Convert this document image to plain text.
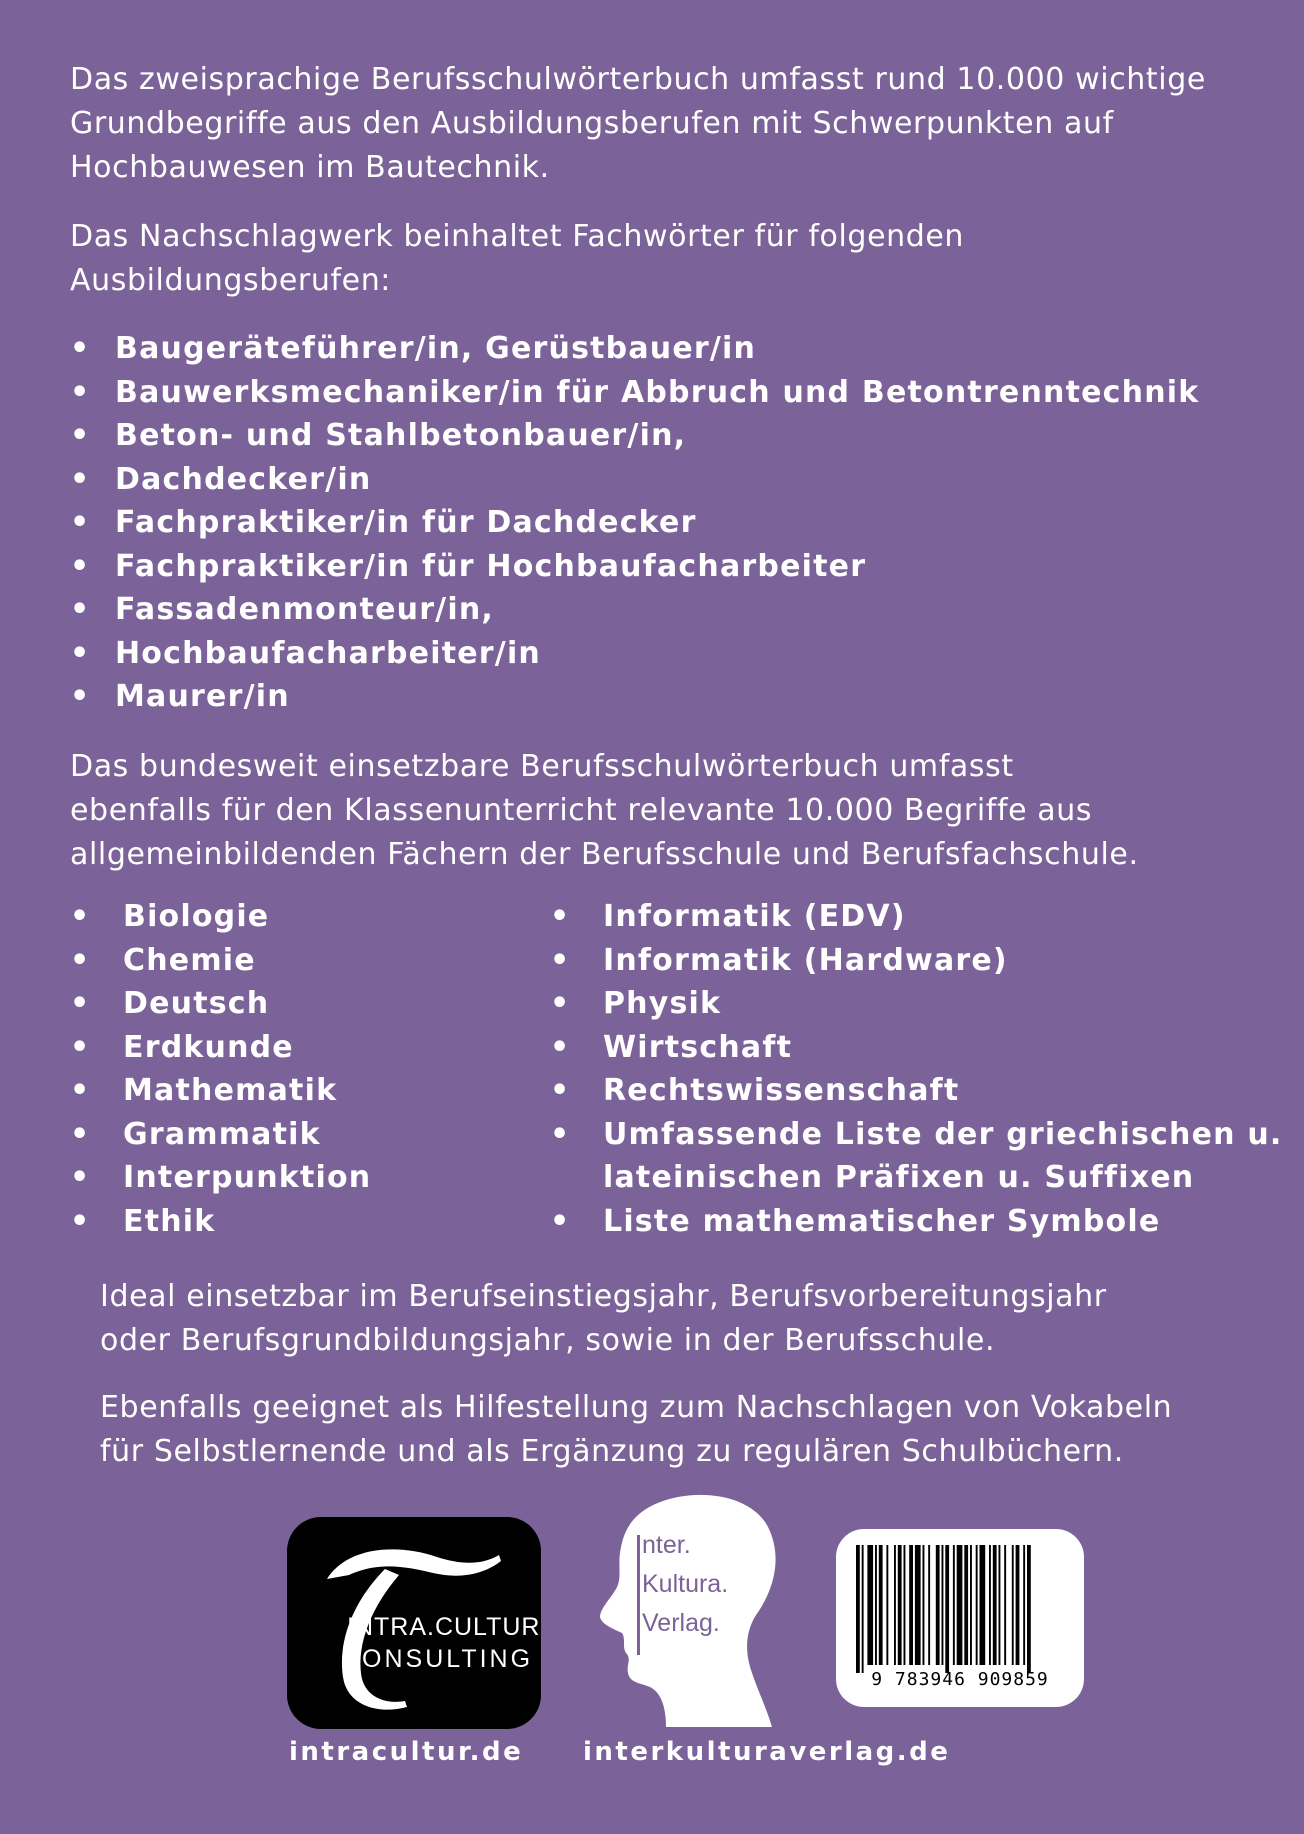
Das zweisprachige Berufsschulwörterbuch umfasst rund 10.000 wichtige
Grundbegriffe aus den Ausbildungsberufen mit Schwerpunkten auf
Hochbauwesen im Bautechnik.
Das Nachschlagwerk beinhaltet Fachwörter für folgenden
Ausbildungsberufen:
• Baugeräteführer/in, Gerüstbauer/in
• Bauwerksmechaniker/in für Abbruch und Betontrenntechnik
• Beton- und Stahlbetonbauer/in,
• Dachdecker/in
• Fachpraktiker/in für Dachdecker
• Fachpraktiker/in für Hochbaufacharbeiter
• Fassadenmonteur/in,
• Hochbaufacharbeiter/in
• Maurer/in
Das bundesweit einsetzbare Berufsschulwörterbuch umfasst
ebenfalls für den Klassenunterricht relevante 10.000 Begriffe aus
allgemeinbildenden Fächern der Berufsschule und Berufsfachschule.
• Biologie
• Chemie
• Deutsch
• Erdkunde
• Mathematik
• Grammatik
• Interpunktion
• Ethik
• Informatik (EDV)
• Informatik (Hardware)
• Physik
• Wirtschaft
• Rechtswissenschaft
• Umfassende Liste der griechischen u.
lateinischen Präfixen u. Suffixen
• Liste mathematischer Symbole
Ideal einsetzbar im Berufseinstiegsjahr, Berufsvorbereitungsjahr
oder Berufsgrundbildungsjahr, sowie in der Berufsschule.
Ebenfalls geeignet als Hilfestellung zum Nachschlagen von Vokabeln
für Selbstlernende und als Ergänzung zu regulären Schulbüchern.
INTRA.CULTUR
CONSULTING
nter.
Kultura.
Verlag.
9 783946 909859
intracultur.de interkulturaverlag.de
